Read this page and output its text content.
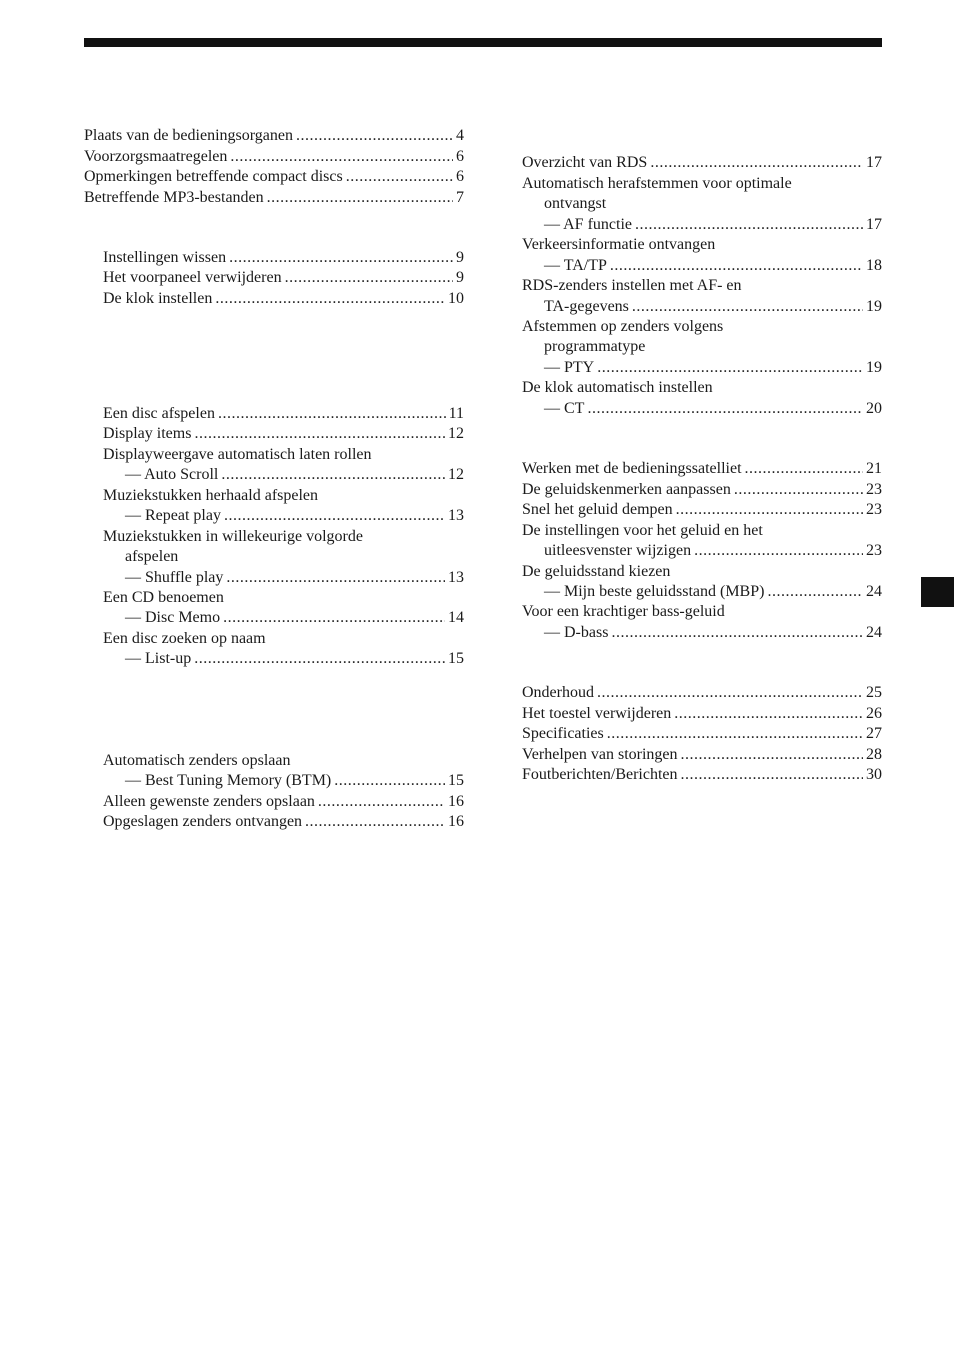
Plaats van de bedieningsorganen .....	4
Voorzorgsmaatregelen .....	6
Opmerkingen betreffende compact discs .....	6
Betreffende MP3-bestanden .....	7
Instellingen wissen .....	9
Het voorpaneel verwijderen .....	9
De klok instellen .....	10
Een disc afspelen .....	11
Display items .....	12
Displayweergave automatisch laten rollen
— Auto Scroll .....	12
Muziekstukken herhaald afspelen
— Repeat play .....	13
Muziekstukken in willekeurige volgorde
afspelen
— Shuffle play .....	13
Een CD benoemen
— Disc Memo .....	14
Een disc zoeken op naam
— List-up .....	15
Automatisch zenders opslaan
— Best Tuning Memory (BTM) .....	15
Alleen gewenste zenders opslaan .....	16
Opgeslagen zenders ontvangen .....	16
Overzicht van RDS .....	17
Automatisch herafstemmen voor optimale
ontvangst
— AF functie .....	17
Verkeersinformatie ontvangen
— TA/TP .....	18
RDS-zenders instellen met AF- en
TA-gegevens .....	19
Afstemmen op zenders volgens
programmatype
— PTY .....	19
De klok automatisch instellen
— CT .....	20
Werken met de bedieningssatelliet .....	21
De geluidskenmerken aanpassen .....	23
Snel het geluid dempen .....	23
De instellingen voor het geluid en het
uitleesvenster wijzigen .....	23
De geluidsstand kiezen
— Mijn beste geluidsstand (MBP) .....	24
Voor een krachtiger bass-geluid
— D-bass .....	24
Onderhoud .....	25
Het toestel verwijderen .....	26
Specificaties .....	27
Verhelpen van storingen .....	28
Foutberichten/Berichten .....	30
